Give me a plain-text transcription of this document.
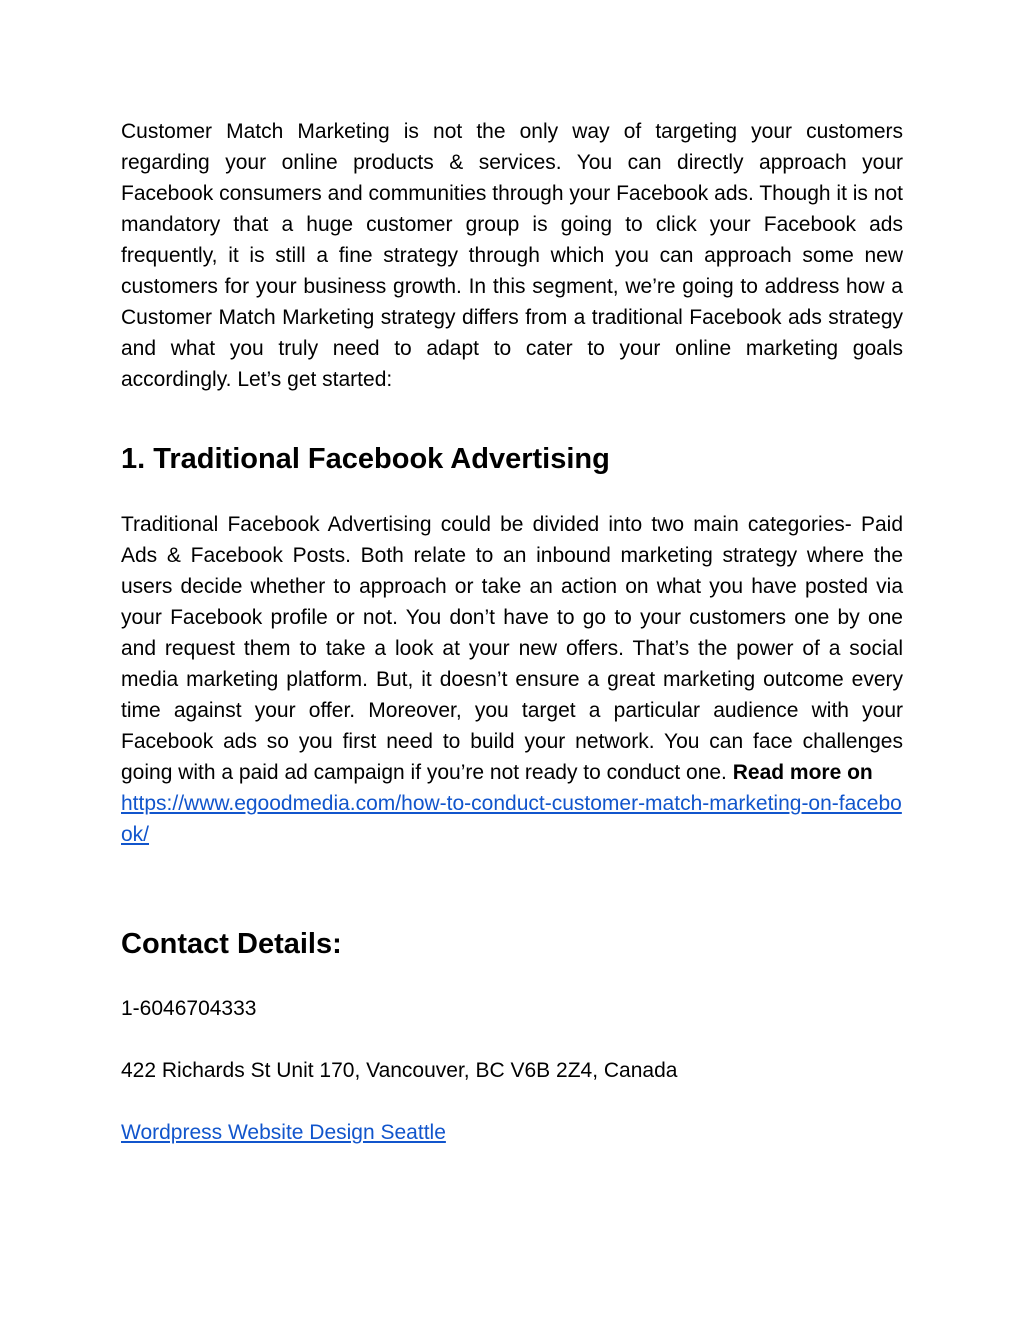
Customer Match Marketing is not the only way of targeting your customers regarding your online products & services. You can directly approach your Facebook consumers and communities through your Facebook ads. Though it is not mandatory that a huge customer group is going to click your Facebook ads frequently, it is still a fine strategy through which you can approach some new customers for your business growth. In this segment, we’re going to address how a Customer Match Marketing strategy differs from a traditional Facebook ads strategy and what you truly need to adapt to cater to your online marketing goals accordingly. Let’s get started:

1. Traditional Facebook Advertising

Traditional Facebook Advertising could be divided into two main categories- Paid Ads & Facebook Posts. Both relate to an inbound marketing strategy where the users decide whether to approach or take an action on what you have posted via your Facebook profile or not. You don’t have to go to your customers one by one and request them to take a look at your new offers. That’s the power of a social media marketing platform. But, it doesn’t ensure a great marketing outcome every time against your offer. Moreover, you target a particular audience with your Facebook ads so you first need to build your network. You can face challenges going with a paid ad campaign if you’re not ready to conduct one. Read more on
https://www.egoodmedia.com/how-to-conduct-customer-match-marketing-on-facebook/

Contact Details:

1-6046704333

422 Richards St Unit 170, Vancouver, BC V6B 2Z4, Canada

Wordpress Website Design Seattle
